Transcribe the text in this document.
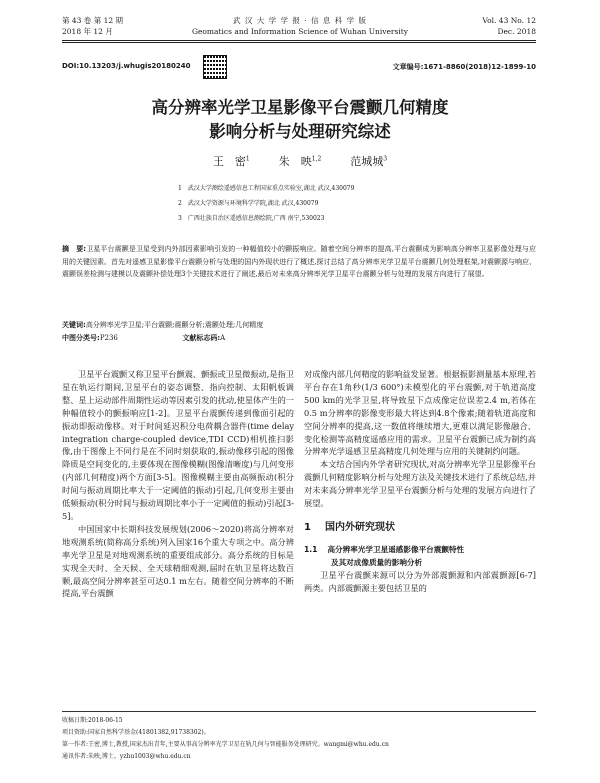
第 43 卷 第 12 期
2018 年 12 月
武 汉 大 学 学 报 · 信 息 科 学 版
Geomatics and Information Science of Wuhan University
Vol. 43 No. 12
Dec. 2018
DOI:10.13203/j.whugis20180240	文章编号:1671-8860(2018)12-1899-10
高分辨率光学卫星影像平台震颤几何精度
影响分析与处理研究综述
王　密$^1$	朱　映$^{1,2}$	范城城$^3$
1　武汉大学测绘遥感信息工程国家重点实验室,湖北 武汉,430079
2　武汉大学资源与环境科学学院,湖北 武汉,430079
3　广西壮族自治区遥感信息测绘院,广西 南宁,530023
摘　要:卫星平台震颤是卫星受到内外部因素影响引发的一种幅值较小的颤振响应。随着空间分辨率的提高,平台震颤成为影响高分辨率卫星影像处理与应用的关键因素。首先对遥感卫星影像平台震颤分析与处理的国内外现状进行了概述,探讨总结了高分辨率光学卫星平台震颤几何处理框架,对震颤源与响应、震颤误差检测与建模以及震颤补偿处理3个关键技术进行了阐述,最后对未来高分辨率光学卫星平台震颤分析与处理的发展方向进行了展望。
关键词:高分辨率光学卫星;平台震颤;震颤分析;震颤处理;几何精度
中图分类号:P236	文献标志码:A

卫星平台震颤又称卫星平台颤震、颤振或卫星微振动,是指卫星在轨运行期间,卫星平台的姿态调整、指向控制、太阳帆板调整、星上运动部件周期性运动等因素引发的扰动,使星体产生的一种幅值较小的颤振响应[1-2]。卫星平台震颤传递到像面引起的振动即振动像移。对于时间延迟积分电荷耦合器件(time delay integration charge-coupled device,TDI CCD)相机推扫影像,由于图像上不同行是在不同时刻获取的,振动像移引起的图像降质是空间变化的,主要体现在图像模糊(图像清晰度)与几何变形(内部几何精度)两个方面[3-5]。图像模糊主要由高频振动(积分时间与振动周期比率大于一定阈值的振动)引起,几何变形主要由低频振动(积分时间与振动周期比率小于一定阈值的振动)引起[3-5]。

中国国家中长期科技发展规划(2006～2020)将高分辨率对地观测系统(简称高分系统)列入国家16个重大专项之中。高分辨率光学卫星是对地观测系统的重要组成部分。高分系统的目标是实现全天时、全天候、全天球精细观测,届时在轨卫星将达数百颗,最高空间分辨率甚至可达0.1 m左右。随着空间分辨率的不断提高,平台震颤

对成像内部几何精度的影响益发显著。根据振影测量基本原理,若平台存在1角秒(1/3 600°)未模型化的平台震颤,对于轨道高度500 km的光学卫星,将导致星下点成像定位误差2.4 m,若体在0.5 m分辨率的影像变形最大将达到4.8个像素;随着轨道高度和空间分辨率的提高,这一数值将继续增大,更难以满足影像融合、变化检测等高精度遥感应用的需求。卫星平台震颤已成为制约高分辨率光学遥感卫星高精度几何处理与应用的关键制约问题。

本文结合国内外学者研究现状,对高分辨率光学卫星影像平台震颤几何精度影响分析与处理方法及关键技术进行了系统总结,并对未来高分辨率光学卫星平台震颤分析与处理的发展方向进行了展望。

1 国内外研究现状
1.1 高分辨率光学卫星遥感影像平台震颤特性
及其对成像质量的影响分析

卫星平台震颤来源可以分为外部震颤源和内部震颤源[6-7]两类。内部震颤源主要包括卫星的

收稿日期:2018-06-15
项目资助:国家自然科学基金(41801382,91738302)。
第一作者:王密,博士,教授,国家杰出青年,主要从事高分辨率光学卫星在轨几何与智能服务处理研究。wangmi@whu.edu.cn
通讯作者:朱映,博士。yzhu1003@whu.edu.cn
